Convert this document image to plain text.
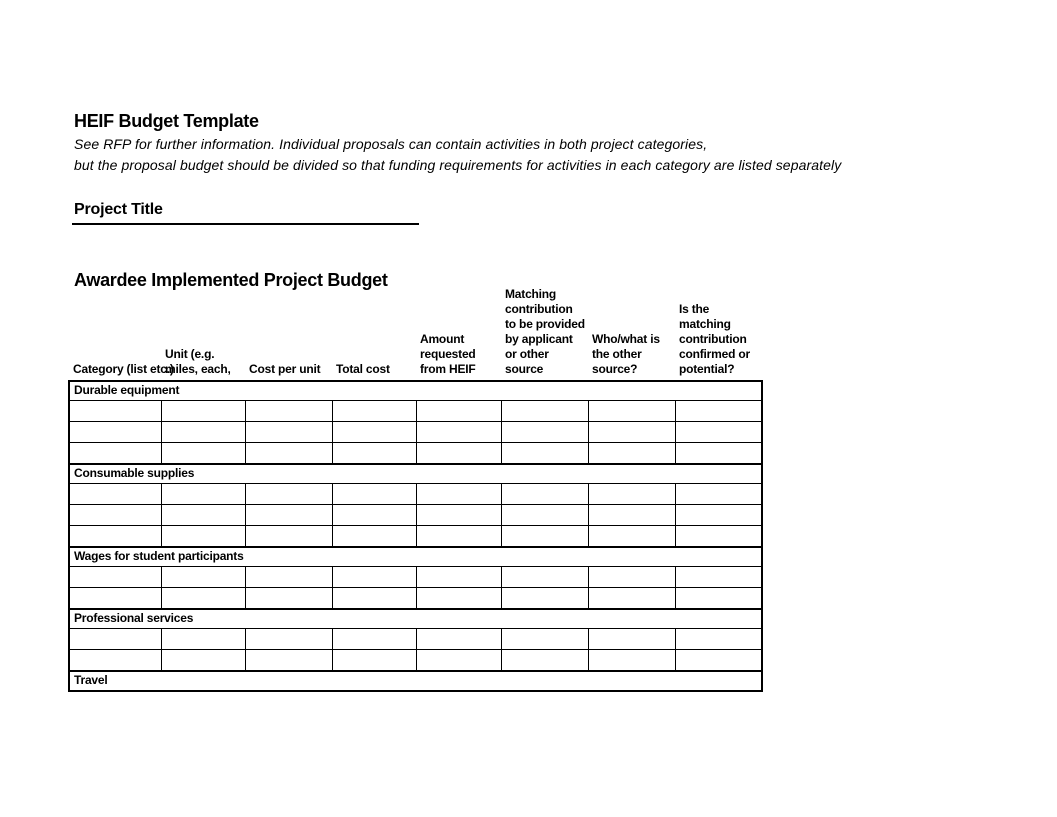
HEIF Budget Template
See RFP for further information. Individual proposals can contain activities in both project categories,
but the proposal budget should be divided so that funding requirements for activities in each category are listed separately
Project Title
Awardee Implemented Project Budget
Category (list etc.)	Unit (e.g. miles, each,	Cost per unit	Total cost	Amount requested from HEIF	Matching contribution to be provided by applicant or other source	Who/what is the other source?	Is the matching contribution confirmed or potential?
Durable equipment							

Consumable supplies							

Wages for student participants							

Professional services							

Travel							
